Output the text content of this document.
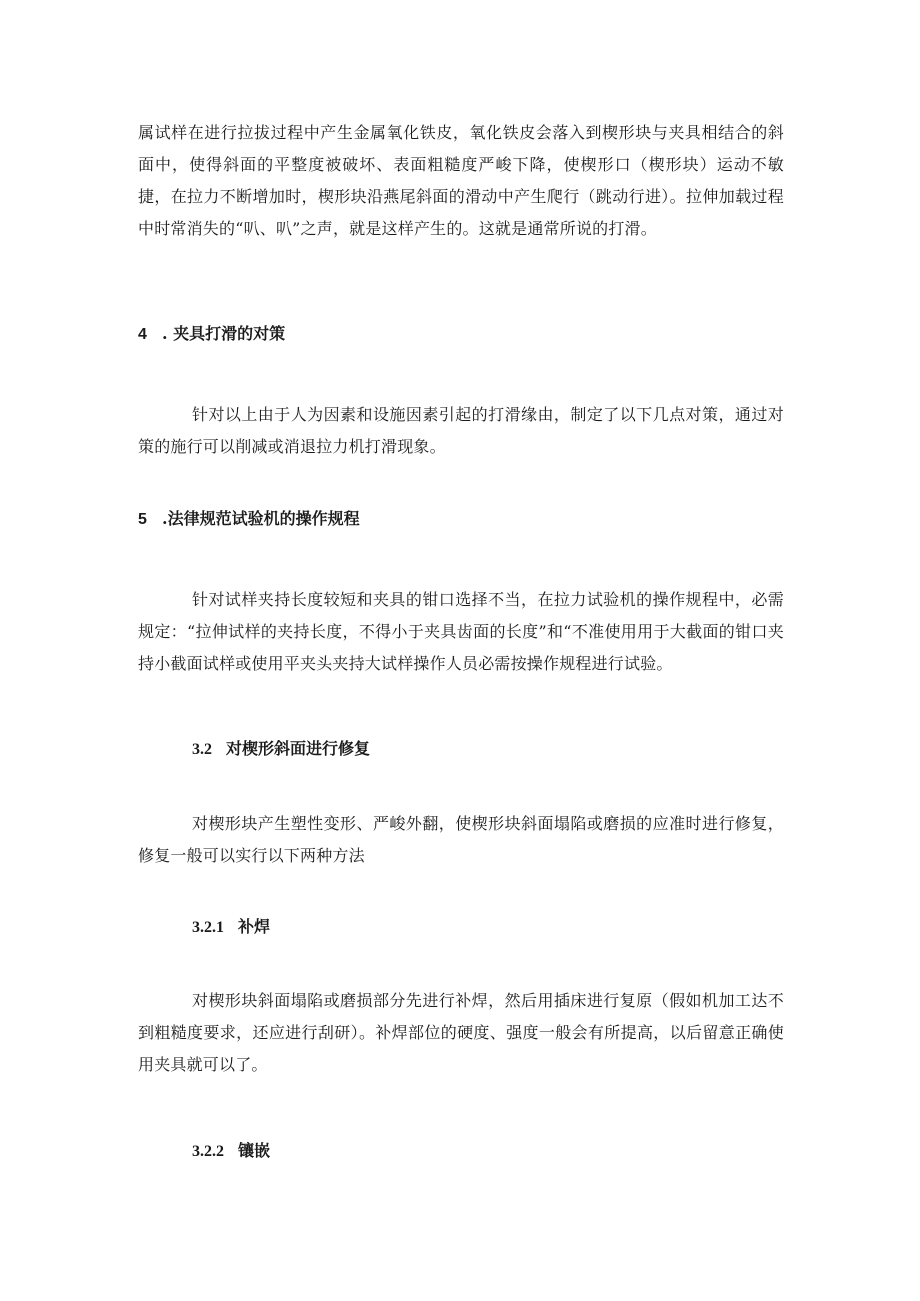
属试样在进行拉拔过程中产生金属氧化铁皮，氧化铁皮会落入到楔形块与夹具相结合的斜面中，使得斜面的平整度被破坏、表面粗糙度严峻下降，使楔形口（楔形块）运动不敏捷，在拉力不断增加时，楔形块沿燕尾斜面的滑动中产生爬行（跳动行进）。拉伸加载过程中时常消失的“叭、叭”之声，就是这样产生的。这就是通常所说的打滑。

4 . 夹具打滑的对策

针对以上由于人为因素和设施因素引起的打滑缘由，制定了以下几点对策，通过对策的施行可以削减或消退拉力机打滑现象。

5 .法律规范试验机的操作规程

针对试样夹持长度较短和夹具的钳口选择不当，在拉力试验机的操作规程中，必需规定：“拉伸试样的夹持长度，不得小于夹具齿面的长度”和“不准使用用于大截面的钳口夹持小截面试样或使用平夹头夹持大试样操作人员必需按操作规程进行试验。

3.2 对楔形斜面进行修复

对楔形块产生塑性变形、严峻外翻，使楔形块斜面塌陷或磨损的应准时进行修复，修复一般可以实行以下两种方法

3.2.1 补焊

对楔形块斜面塌陷或磨损部分先进行补焊，然后用插床进行复原（假如机加工达不到粗糙度要求，还应进行刮研）。补焊部位的硬度、强度一般会有所提高，以后留意正确使用夹具就可以了。

3.2.2 镶嵌
